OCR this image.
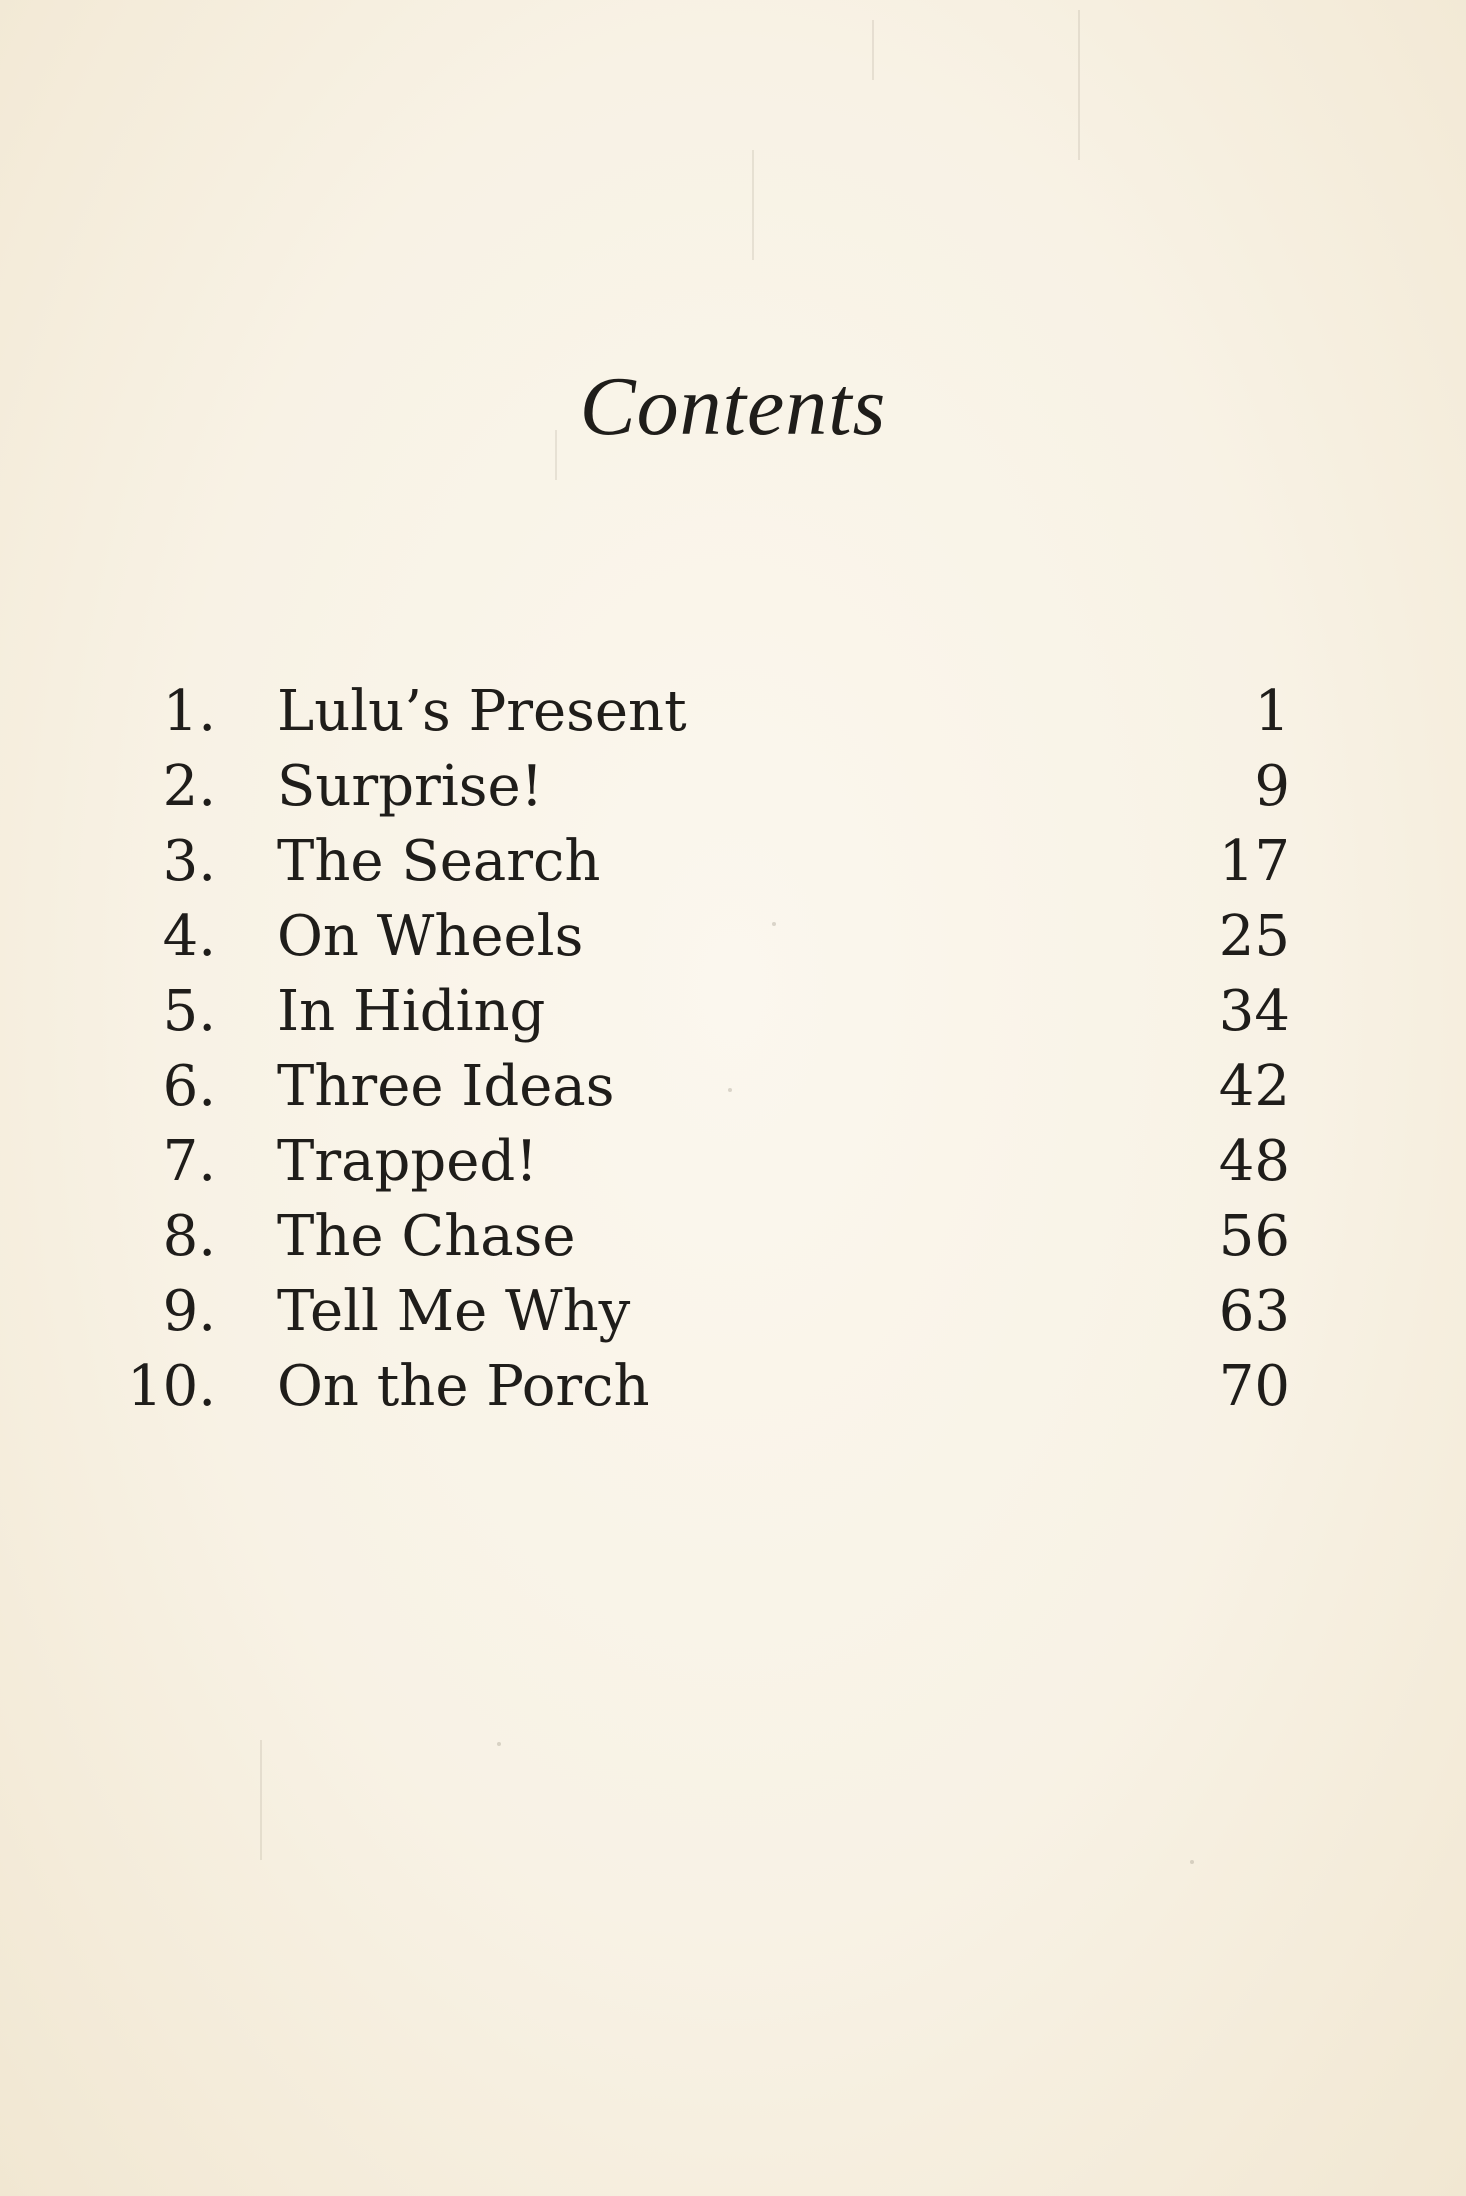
Contents
1. Lulu’s Present	1
2. Surprise!	9
3. The Search	17
4. On Wheels	25
5. In Hiding	34
6. Three Ideas	42
7. Trapped!	48
8. The Chase	56
9. Tell Me Why	63
10. On the Porch	70
